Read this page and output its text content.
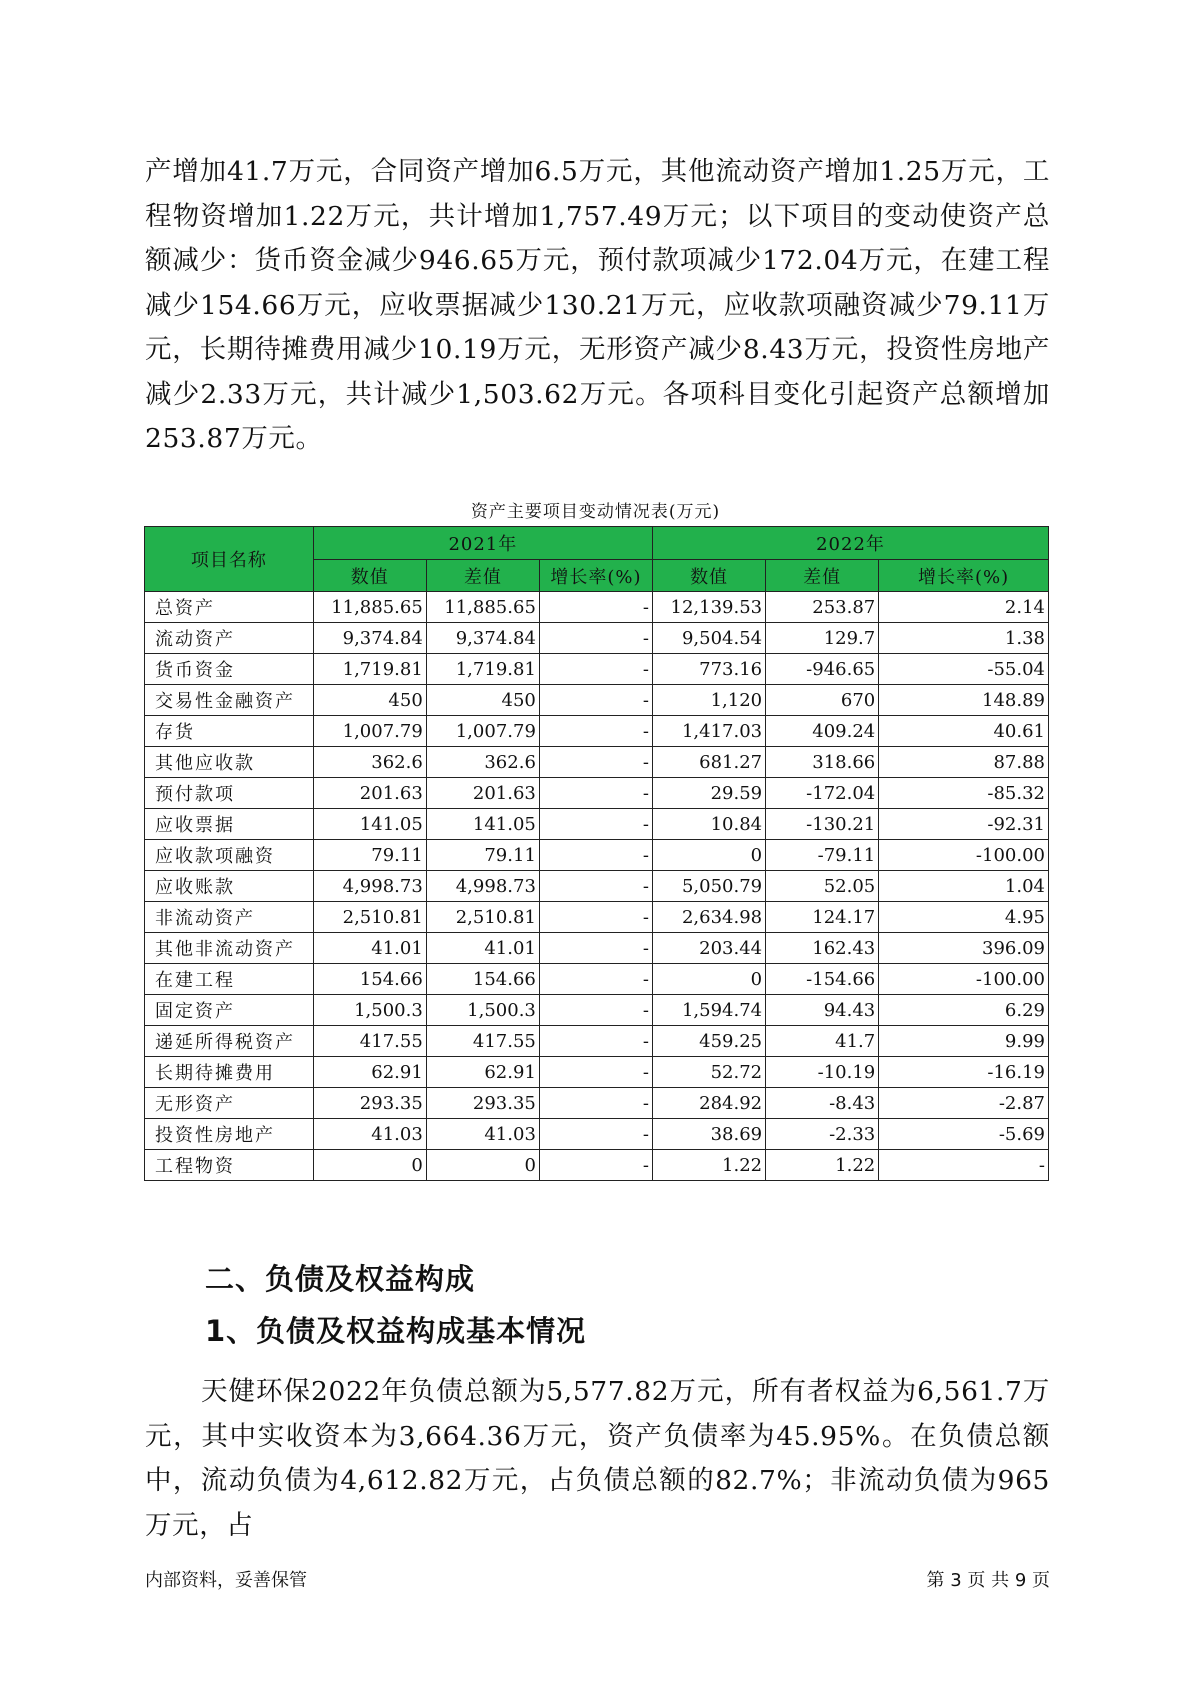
产增加41.7万元，合同资产增加6.5万元，其他流动资产增加1.25万元，工程物资增加1.22万元，共计增加1,757.49万元；以下项目的变动使资产总额减少：货币资金减少946.65万元，预付款项减少172.04万元，在建工程减少154.66万元，应收票据减少130.21万元，应收款项融资减少79.11万元，长期待摊费用减少10.19万元，无形资产减少8.43万元，投资性房地产减少2.33万元，共计减少1,503.62万元。各项科目变化引起资产总额增加253.87万元。

资产主要项目变动情况表(万元)
项目名称	2021年			2022年		
	数值	差值	增长率(%)	数值	差值	增长率(%)
总资产	11,885.65	11,885.65	-	12,139.53	253.87	2.14
流动资产	9,374.84	9,374.84	-	9,504.54	129.7	1.38
货币资金	1,719.81	1,719.81	-	773.16	-946.65	-55.04
交易性金融资产	450	450	-	1,120	670	148.89
存货	1,007.79	1,007.79	-	1,417.03	409.24	40.61
其他应收款	362.6	362.6	-	681.27	318.66	87.88
预付款项	201.63	201.63	-	29.59	-172.04	-85.32
应收票据	141.05	141.05	-	10.84	-130.21	-92.31
应收款项融资	79.11	79.11	-	0	-79.11	-100.00
应收账款	4,998.73	4,998.73	-	5,050.79	52.05	1.04
非流动资产	2,510.81	2,510.81	-	2,634.98	124.17	4.95
其他非流动资产	41.01	41.01	-	203.44	162.43	396.09
在建工程	154.66	154.66	-	0	-154.66	-100.00
固定资产	1,500.3	1,500.3	-	1,594.74	94.43	6.29
递延所得税资产	417.55	417.55	-	459.25	41.7	9.99
长期待摊费用	62.91	62.91	-	52.72	-10.19	-16.19
无形资产	293.35	293.35	-	284.92	-8.43	-2.87
投资性房地产	41.03	41.03	-	38.69	-2.33	-5.69
工程物资	0	0	-	1.22	1.22	-
二、负债及权益构成
1、负债及权益构成基本情况

天健环保2022年负债总额为5,577.82万元，所有者权益为6,561.7万元，其中实收资本为3,664.36万元，资产负债率为45.95%。在负债总额中，流动负债为4,612.82万元，占负债总额的82.7%；非流动负债为965万元，占

内部资料，妥善保管	第 3 页 共 9 页
